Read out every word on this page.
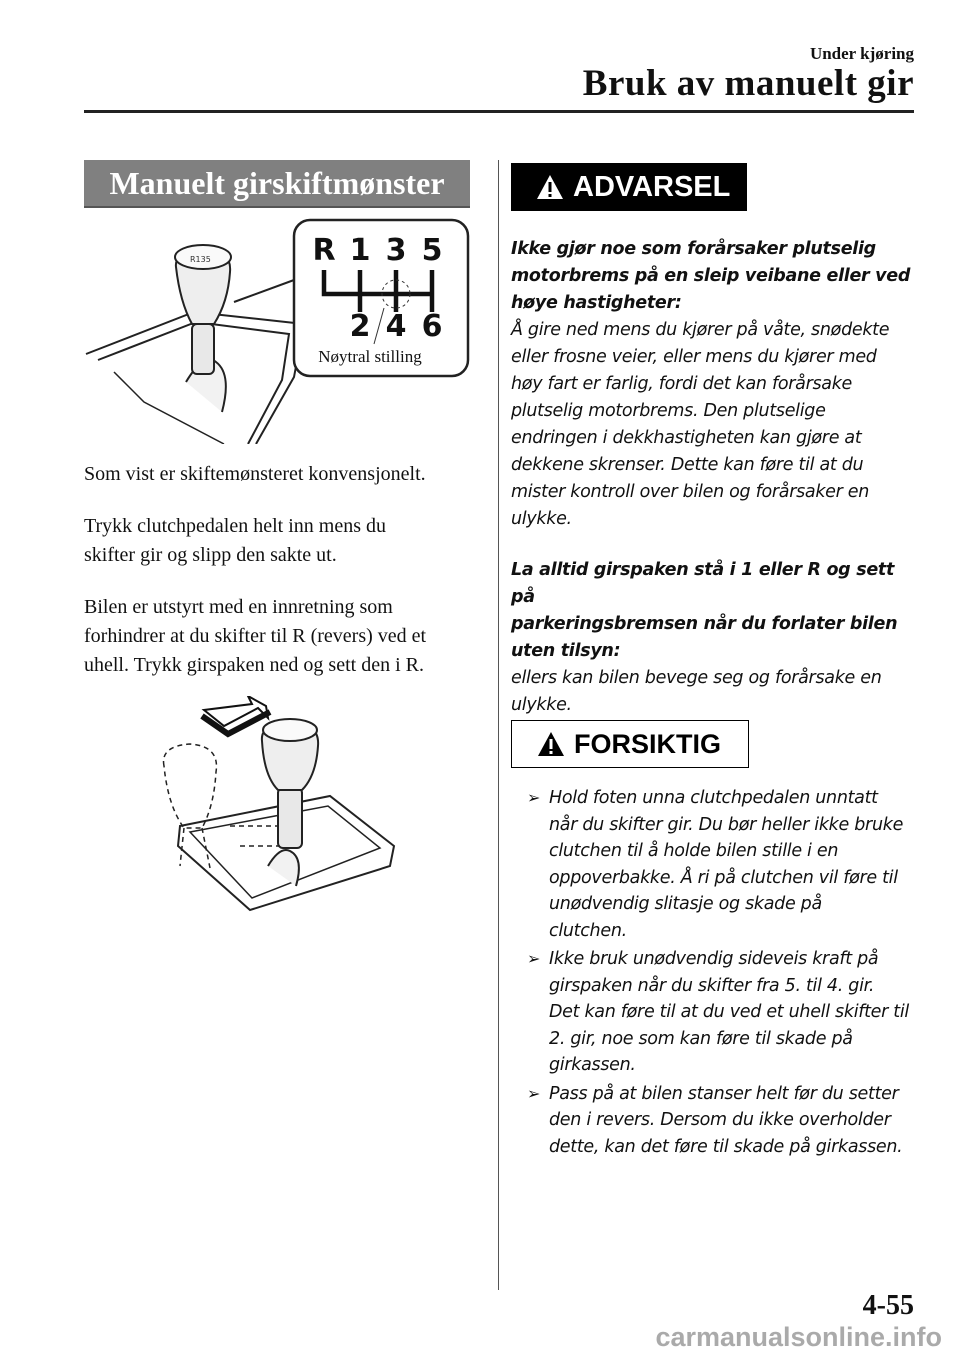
Under kjøring
Bruk av manuelt gir
Manuelt girskiftmønster
R135	R 1 3 5
2 4 6
Nøytral stilling

Som vist er skiftemønsteret konvensjonelt.

Trykk clutchpedalen helt inn mens du

skifter gir og slipp den sakte ut.

Bilen er utstyrt med en innretning som

forhindrer at du skifter til R (revers) ved et

uhell. Trykk girspaken ned og sett den i R.

ADVARSEL

Ikke gjør noe som forårsaker plutselig

motorbrems på en sleip veibane eller ved

høye hastigheter:

Å gire ned mens du kjører på våte, snødekte

eller frosne veier, eller mens du kjører med

høy fart er farlig, fordi det kan forårsake

plutselig motorbrems. Den plutselige

endringen i dekkhastigheten kan gjøre at

dekkene skrenser. Dette kan føre til at du

mister kontroll over bilen og forårsaker en

ulykke.

La alltid girspaken stå i 1 eller R og sett på

parkeringsbremsen når du forlater bilen

uten tilsyn:

ellers kan bilen bevege seg og forårsake en

ulykke.

FORSIKTIG
➢ Hold foten unna clutchpedalen unntatt
når du skifter gir. Du bør heller ikke bruke
clutchen til å holde bilen stille i en
oppoverbakke. Å ri på clutchen vil føre til
unødvendig slitasje og skade på
clutchen.
➢ Ikke bruk unødvendig sideveis kraft på
girspaken når du skifter fra 5. til 4. gir.
Det kan føre til at du ved et uhell skifter til
2. gir, noe som kan føre til skade på
girkassen.
➢ Pass på at bilen stanser helt før du setter
den i revers. Dersom du ikke overholder
dette, kan det føre til skade på girkassen.
4-55
carmanualsonline.info
